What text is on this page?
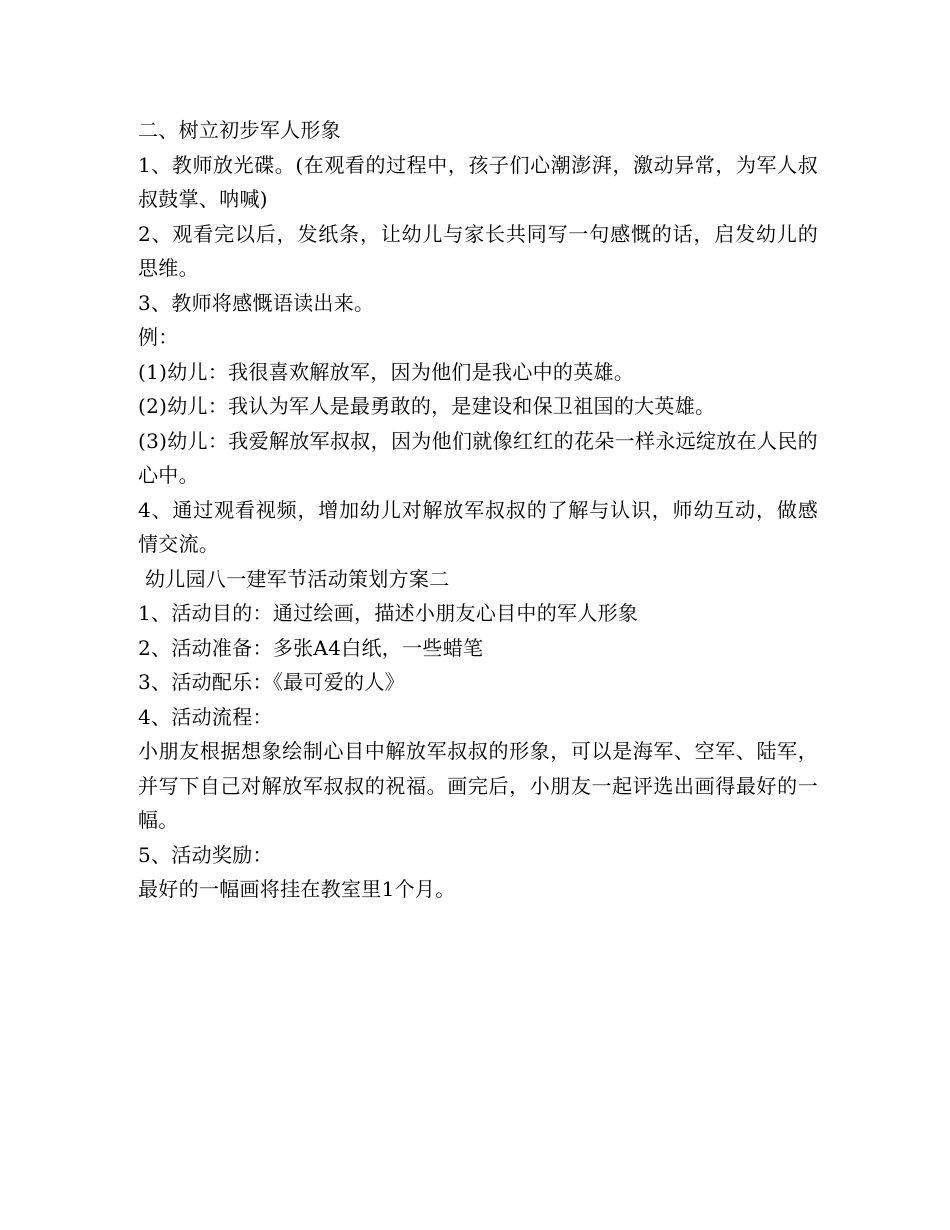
二、树立初步军人形象

1、教师放光碟。(在观看的过程中，孩子们心潮澎湃，激动异常，为军人叔叔鼓掌、呐喊)

2、观看完以后，发纸条，让幼儿与家长共同写一句感慨的话，启发幼儿的思维。

3、教师将感慨语读出来。

例：

(1)幼儿：我很喜欢解放军，因为他们是我心中的英雄。

(2)幼儿：我认为军人是最勇敢的，是建设和保卫祖国的大英雄。

(3)幼儿：我爱解放军叔叔，因为他们就像红红的花朵一样永远绽放在人民的心中。

4、通过观看视频，增加幼儿对解放军叔叔的了解与认识，师幼互动，做感情交流。

幼儿园八一建军节活动策划方案二

1、活动目的：通过绘画，描述小朋友心目中的军人形象

2、活动准备：多张A4白纸，一些蜡笔

3、活动配乐：《最可爱的人》

4、活动流程：

小朋友根据想象绘制心目中解放军叔叔的形象，可以是海军、空军、陆军，并写下自己对解放军叔叔的祝福。画完后，小朋友一起评选出画得最好的一幅。

5、活动奖励：

最好的一幅画将挂在教室里1个月。
